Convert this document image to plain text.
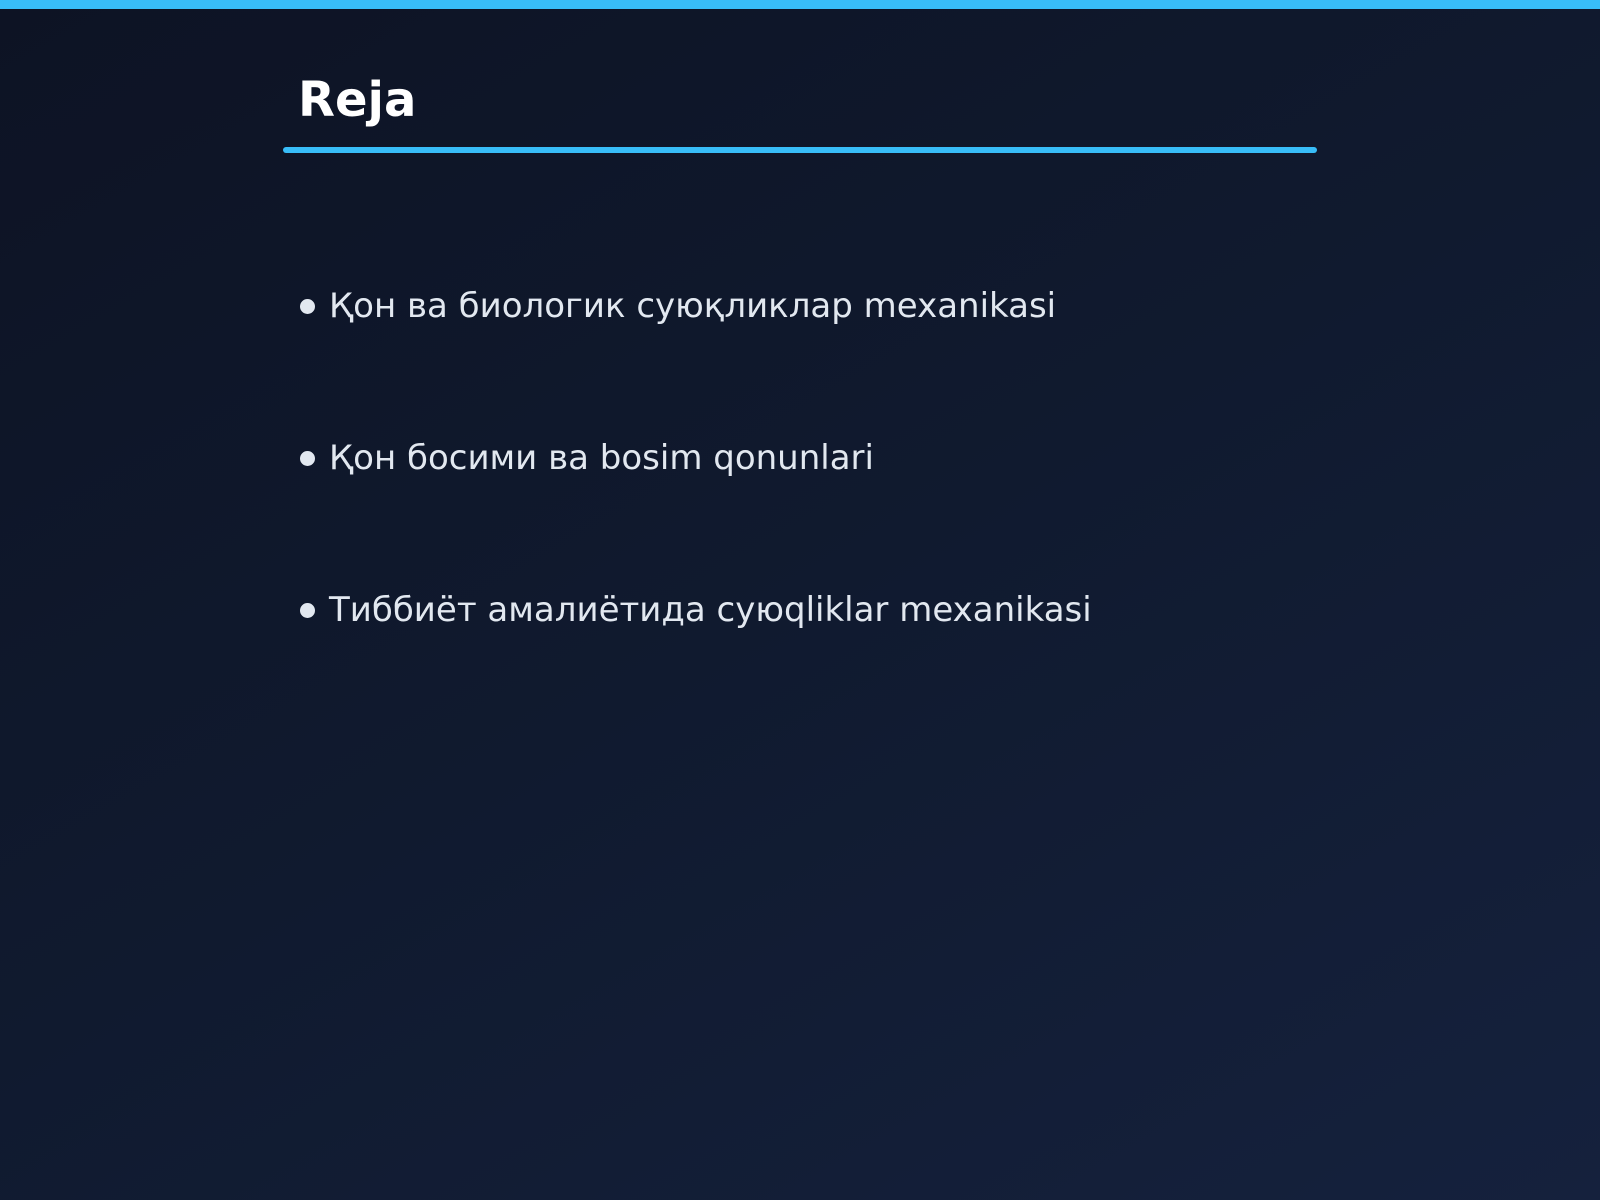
Reja
Қон ва биологик суюқликлар mexanikasi
Қон босими ва bosim qonunlari
Тиббиёт амалиётида суюqliklar mexanikasi
